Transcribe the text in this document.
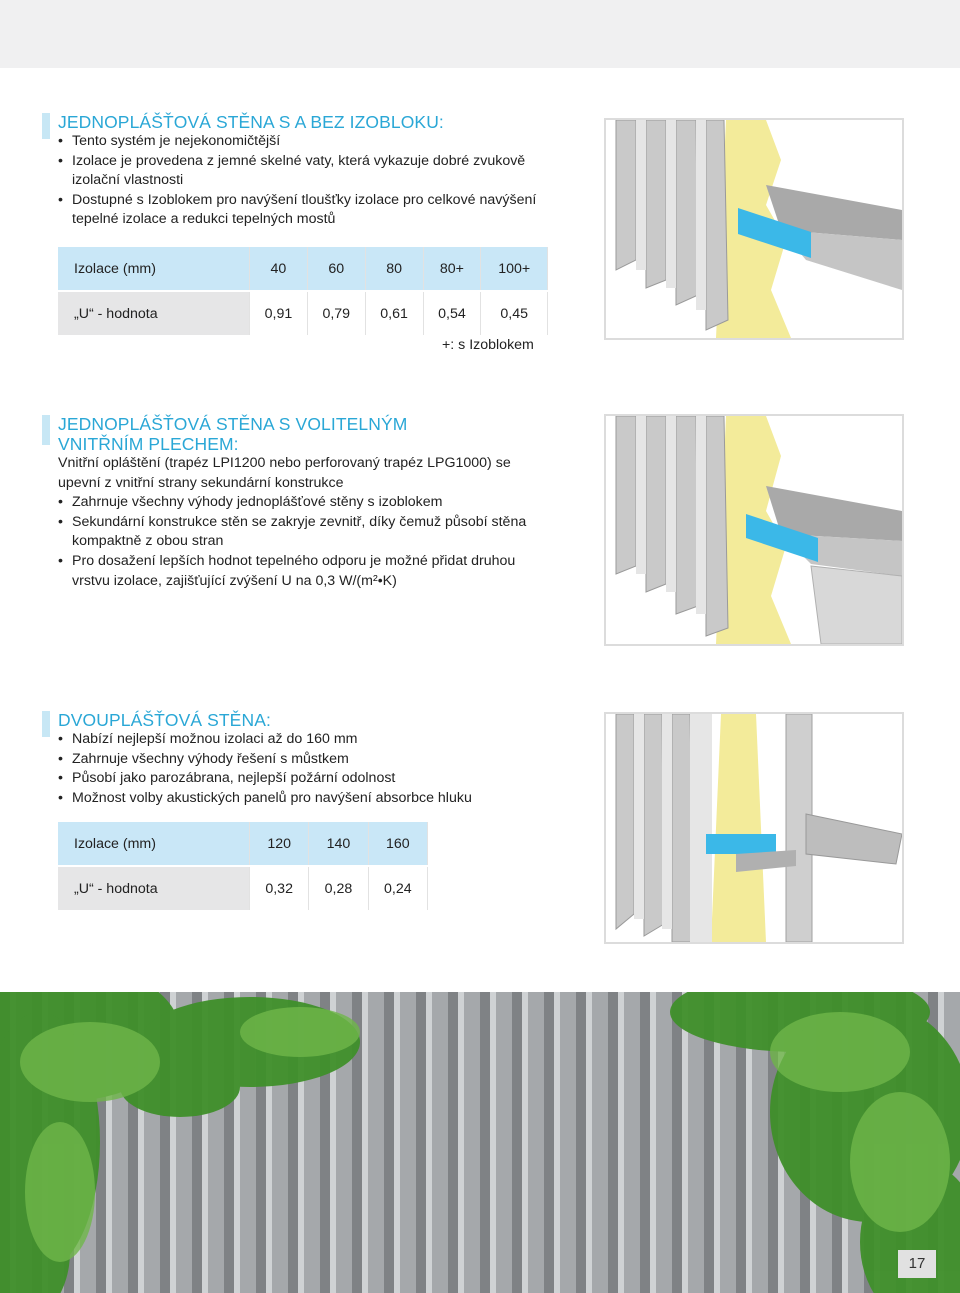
JEDNOPLÁŠŤOVÁ STĚNA S A BEZ IZOBLOKU:
• Tento systém je nejekonomičtější
• Izolace je provedena z jemné skelné vaty, která vykazuje dobré zvukově izolační vlastnosti
• Dostupné s Izoblokem pro navýšení tloušťky izolace pro celkové navýšení tepelné izolace a redukci tepelných mostů
Izolace (mm)	40	60	80	80+	100+
„U“ - hodnota	0,91	0,79	0,61	0,54	0,45
+: s Izoblokem
JEDNOPLÁŠŤOVÁ STĚNA S VOLITELNÝM
VNITŘNÍM PLECHEM:

Vnitřní opláštění (trapéz LPI1200 nebo perforovaný trapéz LPG1000) se upevní z vnitřní strany sekundární konstrukce

• Zahrnuje všechny výhody jednoplášťové stěny s izoblokem
• Sekundární konstrukce stěn se zakryje zevnitř, díky čemuž působí stěna kompaktně z obou stran
• Pro dosažení lepších hodnot tepelného odporu je možné přidat druhou vrstvu izolace, zajišťující zvýšení U na 0,3 W/(m²•K)
DVOUPLÁŠŤOVÁ STĚNA:
• Nabízí nejlepší možnou izolaci až do 160 mm
• Zahrnuje všechny výhody řešení s můstkem
• Působí jako parozábrana, nejlepší požární odolnost
• Možnost volby akustických panelů pro navýšení absorbce hluku
Izolace (mm)	120	140	160
„U“ - hodnota	0,32	0,28	0,24
17
